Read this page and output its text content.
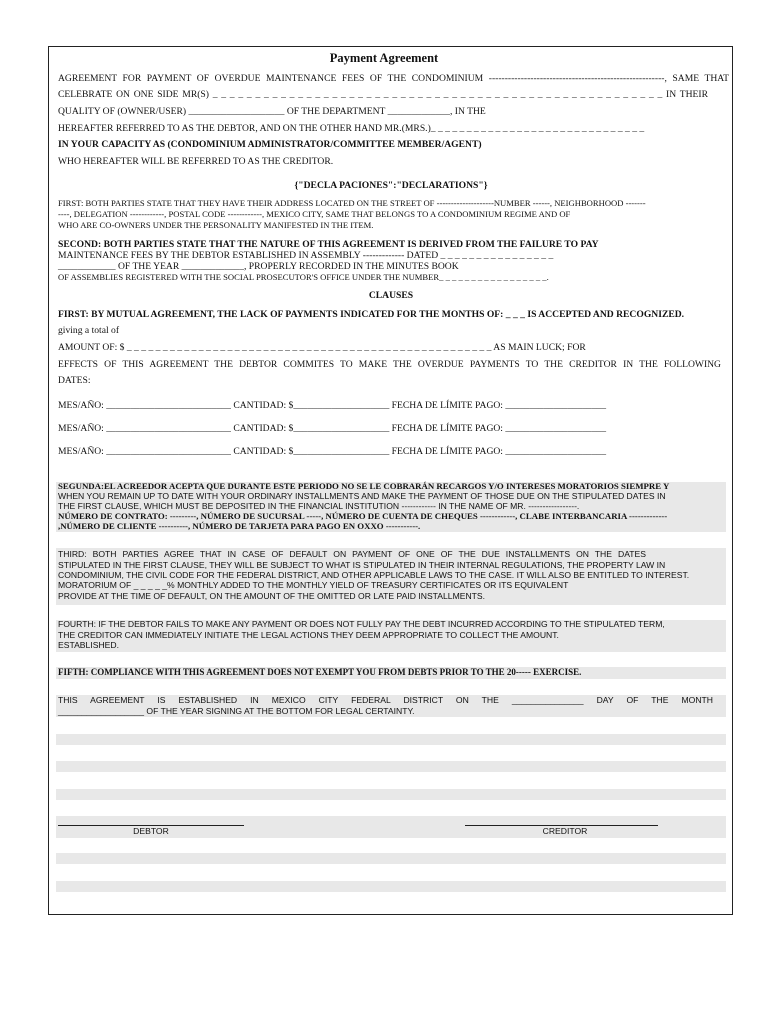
Payment Agreement
AGREEMENT FOR PAYMENT OF OVERDUE MAINTENANCE FEES OF THE CONDOMINIUM -------------------------------------------------------, SAME THAT
CELEBRATE ON ONE SIDE MR(S) _ _ _ _ _ _ _ _ _ _ _ _ _ _ _ _ _ _ _ _ _ _ _ _ _ _ _ _ _ _ _ _ _ _ _ _ _ _ _ _ _ _ _ _ _ _ _ _ _ _ _ _ _ IN THEIR
QUALITY OF (OWNER/USER) ____________________ OF THE DEPARTMENT _____________, IN THE
HEREAFTER REFERRED TO AS THE DEBTOR, AND ON THE OTHER HAND MR.(MRS.)_ _ _ _ _ _ _ _ _ _ _ _ _ _ _ _ _ _ _ _ _ _ _ _ _ _ _ _ _ _
IN YOUR CAPACITY AS (CONDOMINIUM ADMINISTRATOR/COMMITTEE MEMBER/AGENT)
WHO HEREAFTER WILL BE REFERRED TO AS THE CREDITOR.
{"DECLA PACIONES":"DECLARATIONS"}
FIRST: BOTH PARTIES STATE THAT THEY HAVE THEIR ADDRESS LOCATED ON THE STREET OF --------------------NUMBER ------, NEIGHBORHOOD -------
----, DELEGATION ------------, POSTAL CODE ------------, MEXICO CITY, SAME THAT BELONGS TO A CONDOMINIUM REGIME AND OF
WHO ARE CO-OWNERS UNDER THE PERSONALITY MANIFESTED IN THE ITEM.
SECOND: BOTH PARTIES STATE THAT THE NATURE OF THIS AGREEMENT IS DERIVED FROM THE FAILURE TO PAY
MAINTENANCE FEES BY THE DEBTOR ESTABLISHED IN ASSEMBLY ------------- DATED _ _ _ _ _ _ _ _ _ _ _ _ _ _ _ _
____________ OF THE YEAR _____________, PROPERLY RECORDED IN THE MINUTES BOOK
OF ASSEMBLIES REGISTERED WITH THE SOCIAL PROSECUTOR'S OFFICE UNDER THE NUMBER_ _ _ _ _ _ _ _ _ _ _ _ _ _ _ _ _.
CLAUSES
FIRST: BY MUTUAL AGREEMENT, THE LACK OF PAYMENTS INDICATED FOR THE MONTHS OF: _ _ _ IS ACCEPTED AND RECOGNIZED.
giving a total of
AMOUNT OF: $ _ _ _ _ _ _ _ _ _ _ _ _ _ _ _ _ _ _ _ _ _ _ _ _ _ _ _ _ _ _ _ _ _ _ _ _ _ _ _ _ _ _ _ _ _ _ _ _ _ _ _ AS MAIN LUCK; FOR
EFFECTS OF THIS AGREEMENT THE DEBTOR COMMITES TO MAKE THE OVERDUE PAYMENTS TO THE CREDITOR IN THE FOLLOWING
DATES:
MES/AÑO: __________________________ CANTIDAD: $____________________ FECHA DE LÍMITE PAGO: _____________________
MES/AÑO: __________________________ CANTIDAD: $____________________ FECHA DE LÍMITE PAGO: _____________________
MES/AÑO: __________________________ CANTIDAD: $____________________ FECHA DE LÍMITE PAGO: _____________________
SEGUNDA:EL ACREEDOR ACEPTA QUE DURANTE ESTE PERIODO NO SE LE COBRARÁN RECARGOS Y/O INTERESES MORATORIOS SIEMPRE Y
WHEN YOU REMAIN UP TO DATE WITH YOUR ORDINARY INSTALLMENTS AND MAKE THE PAYMENT OF THOSE DUE ON THE STIPULATED DATES IN
THE FIRST CLAUSE, WHICH MUST BE DEPOSITED IN THE FINANCIAL INSTITUTION ------------ IN THE NAME OF MR. -----------------.
NÚMERO DE CONTRATO: ---------, NÚMERO DE SUCURSAL -----, NÚMERO DE CUENTA DE CHEQUES ------------, CLABE INTERBANCARIA -------------
,NÚMERO DE CLIENTE ----------, NÚMERO DE TARJETA PARA PAGO EN OXXO -----------.
THIRD: BOTH PARTIES AGREE THAT IN CASE OF DEFAULT ON PAYMENT OF ONE OF THE DUE INSTALLMENTS ON THE DATES
STIPULATED IN THE FIRST CLAUSE, THEY WILL BE SUBJECT TO WHAT IS STIPULATED IN THEIR INTERNAL REGULATIONS, THE PROPERTY LAW IN
CONDOMINIUM, THE CIVIL CODE FOR THE FEDERAL DISTRICT, AND OTHER APPLICABLE LAWS TO THE CASE. IT WILL ALSO BE ENTITLED TO INTEREST.
MORATORIUM OF _ _ _ _ _% MONTHLY ADDED TO THE MONTHLY YIELD OF TREASURY CERTIFICATES OR ITS EQUIVALENT
PROVIDE AT THE TIME OF DEFAULT, ON THE AMOUNT OF THE OMITTED OR LATE PAID INSTALLMENTS.
FOURTH: IF THE DEBTOR FAILS TO MAKE ANY PAYMENT OR DOES NOT FULLY PAY THE DEBT INCURRED ACCORDING TO THE STIPULATED TERM,
THE CREDITOR CAN IMMEDIATELY INITIATE THE LEGAL ACTIONS THEY DEEM APPROPRIATE TO COLLECT THE AMOUNT.
ESTABLISHED.
FIFTH: COMPLIANCE WITH THIS AGREEMENT DOES NOT EXEMPT YOU FROM DEBTS PRIOR TO THE 20----- EXERCISE.
THIS AGREEMENT IS ESTABLISHED IN MEXICO CITY FEDERAL DISTRICT ON THE _______________ DAY OF THE MONTH
__________________ OF THE YEAR SIGNING AT THE BOTTOM FOR LEGAL CERTAINTY.
DEBTOR	CREDITOR
